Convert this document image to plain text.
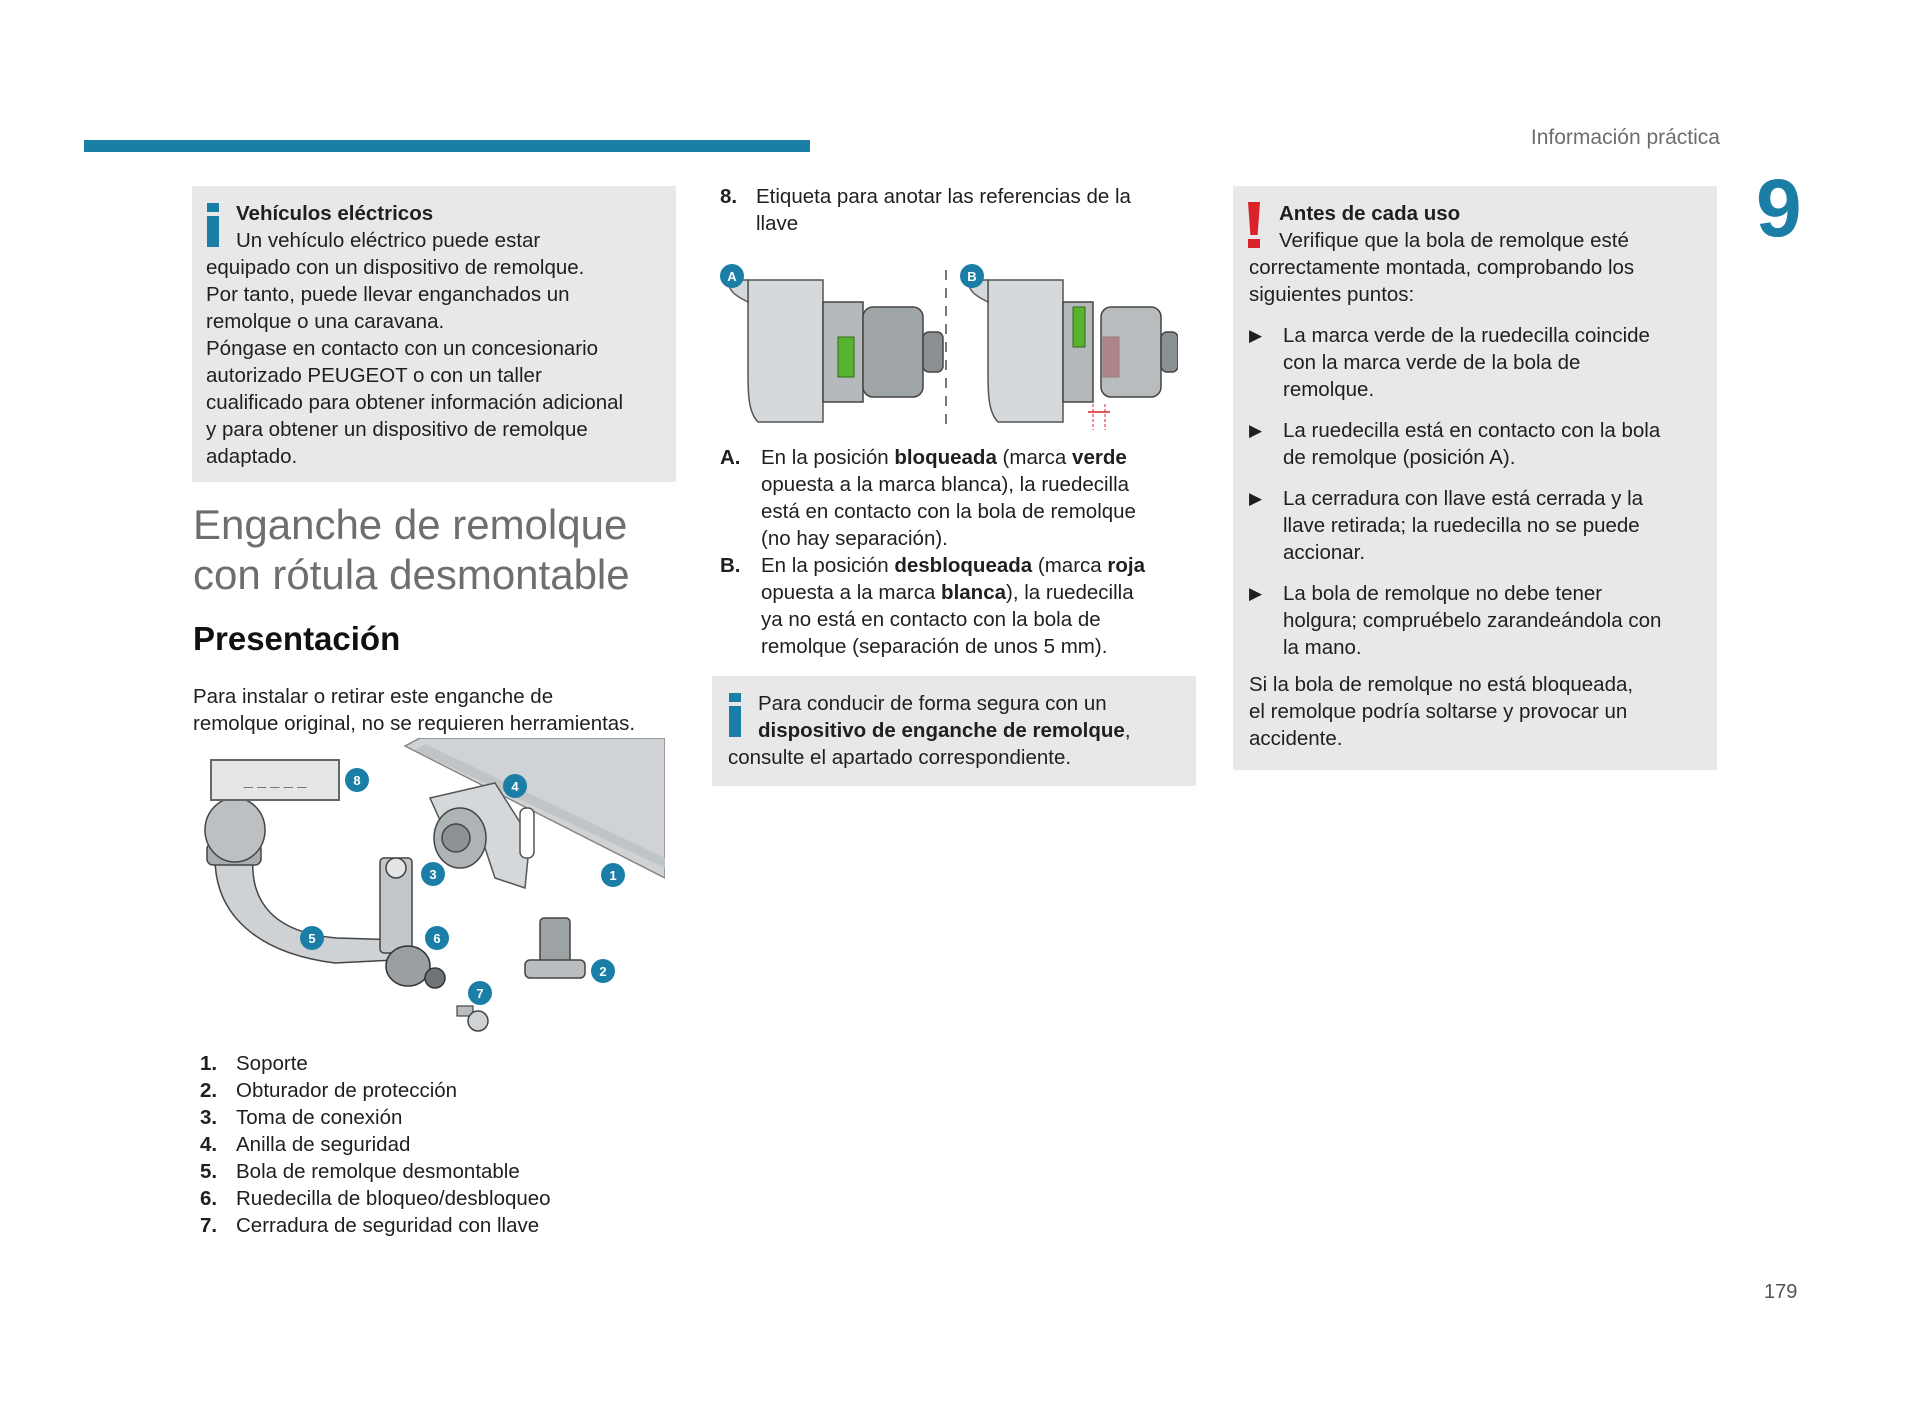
Información práctica
9
Vehículos eléctricos
Un vehículo eléctrico puede estar
equipado con un dispositivo de remolque.
Por tanto, puede llevar enganchados un
remolque o una caravana.
Póngase en contacto con un concesionario
autorizado PEUGEOT o con un taller
cualificado para obtener información adicional
y para obtener un dispositivo de remolque
adaptado.
Enganche de remolque
con rótula desmontable
Presentación
Para instalar o retirar este enganche de
remolque original, no se requieren herramientas.
_ _ _ _ _	8	4
3	1
5	6
2
7
1. Soporte
2. Obturador de protección
3. Toma de conexión
4. Anilla de seguridad
5. Bola de remolque desmontable
6. Ruedecilla de bloqueo/desbloqueo
7. Cerradura de seguridad con llave
8. Etiqueta para anotar las referencias de la
llave
A	B
A.	En la posición bloqueada (marca verde
opuesta a la marca blanca), la ruedecilla
está en contacto con la bola de remolque
(no hay separación).
B.	En la posición desbloqueada (marca roja
opuesta a la marca blanca), la ruedecilla
ya no está en contacto con la bola de
remolque (separación de unos 5 mm).
Para conducir de forma segura con un
dispositivo de enganche de remolque,
consulte el apartado correspondiente.
Antes de cada uso
Verifique que la bola de remolque esté
correctamente montada, comprobando los
siguientes puntos:
▶	La marca verde de la ruedecilla coincide
con la marca verde de la bola de
remolque.
▶	La ruedecilla está en contacto con la bola
de remolque (posición A).
▶	La cerradura con llave está cerrada y la
llave retirada; la ruedecilla no se puede
accionar.
▶	La bola de remolque no debe tener
holgura; compruébelo zarandeándola con
la mano.
Si la bola de remolque no está bloqueada,
el remolque podría soltarse y provocar un
accidente.
179
